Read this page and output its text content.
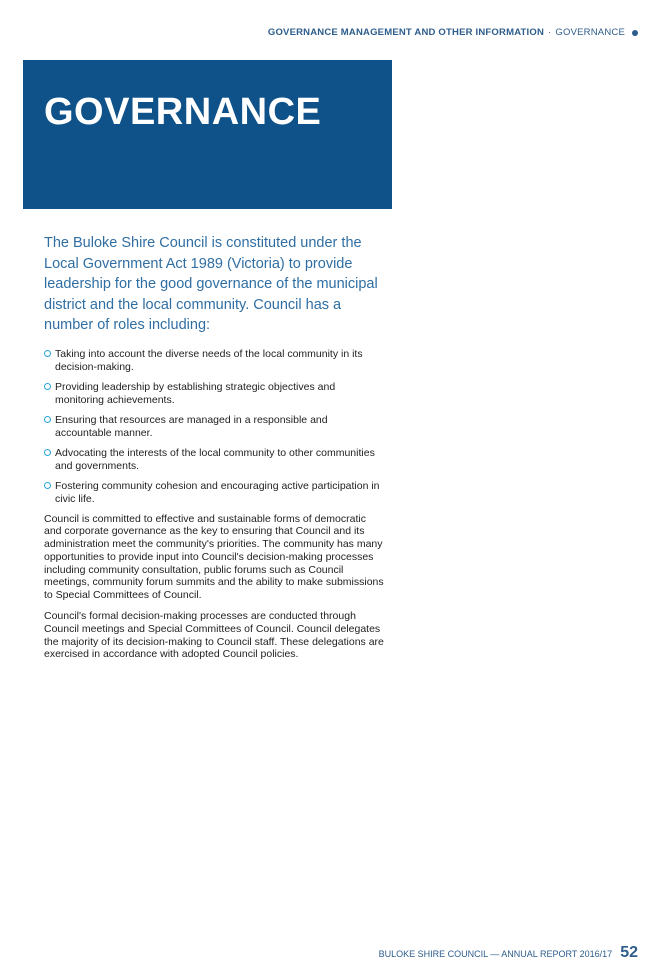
GOVERNANCE MANAGEMENT AND OTHER INFORMATION · GOVERNANCE
GOVERNANCE

The Buloke Shire Council is constituted under the Local Government Act 1989 (Victoria) to provide leadership for the good governance of the municipal district and the local community. Council has a number of roles including:

Taking into account the diverse needs of the local community in its decision-making.
Providing leadership by establishing strategic objectives and monitoring achievements.
Ensuring that resources are managed in a responsible and accountable manner.
Advocating the interests of the local community to other communities and governments.
Fostering community cohesion and encouraging active participation in civic life.

Council is committed to effective and sustainable forms of democratic and corporate governance as the key to ensuring that Council and its administration meet the community's priorities. The community has many opportunities to provide input into Council's decision-making processes including community consultation, public forums such as Council meetings, community forum summits and the ability to make submissions to Special Committees of Council.

Council's formal decision-making processes are conducted through Council meetings and Special Committees of Council. Council delegates the majority of its decision-making to Council staff. These delegations are exercised in accordance with adopted Council policies.

BULOKE SHIRE COUNCIL — ANNUAL REPORT 2016/17 52
